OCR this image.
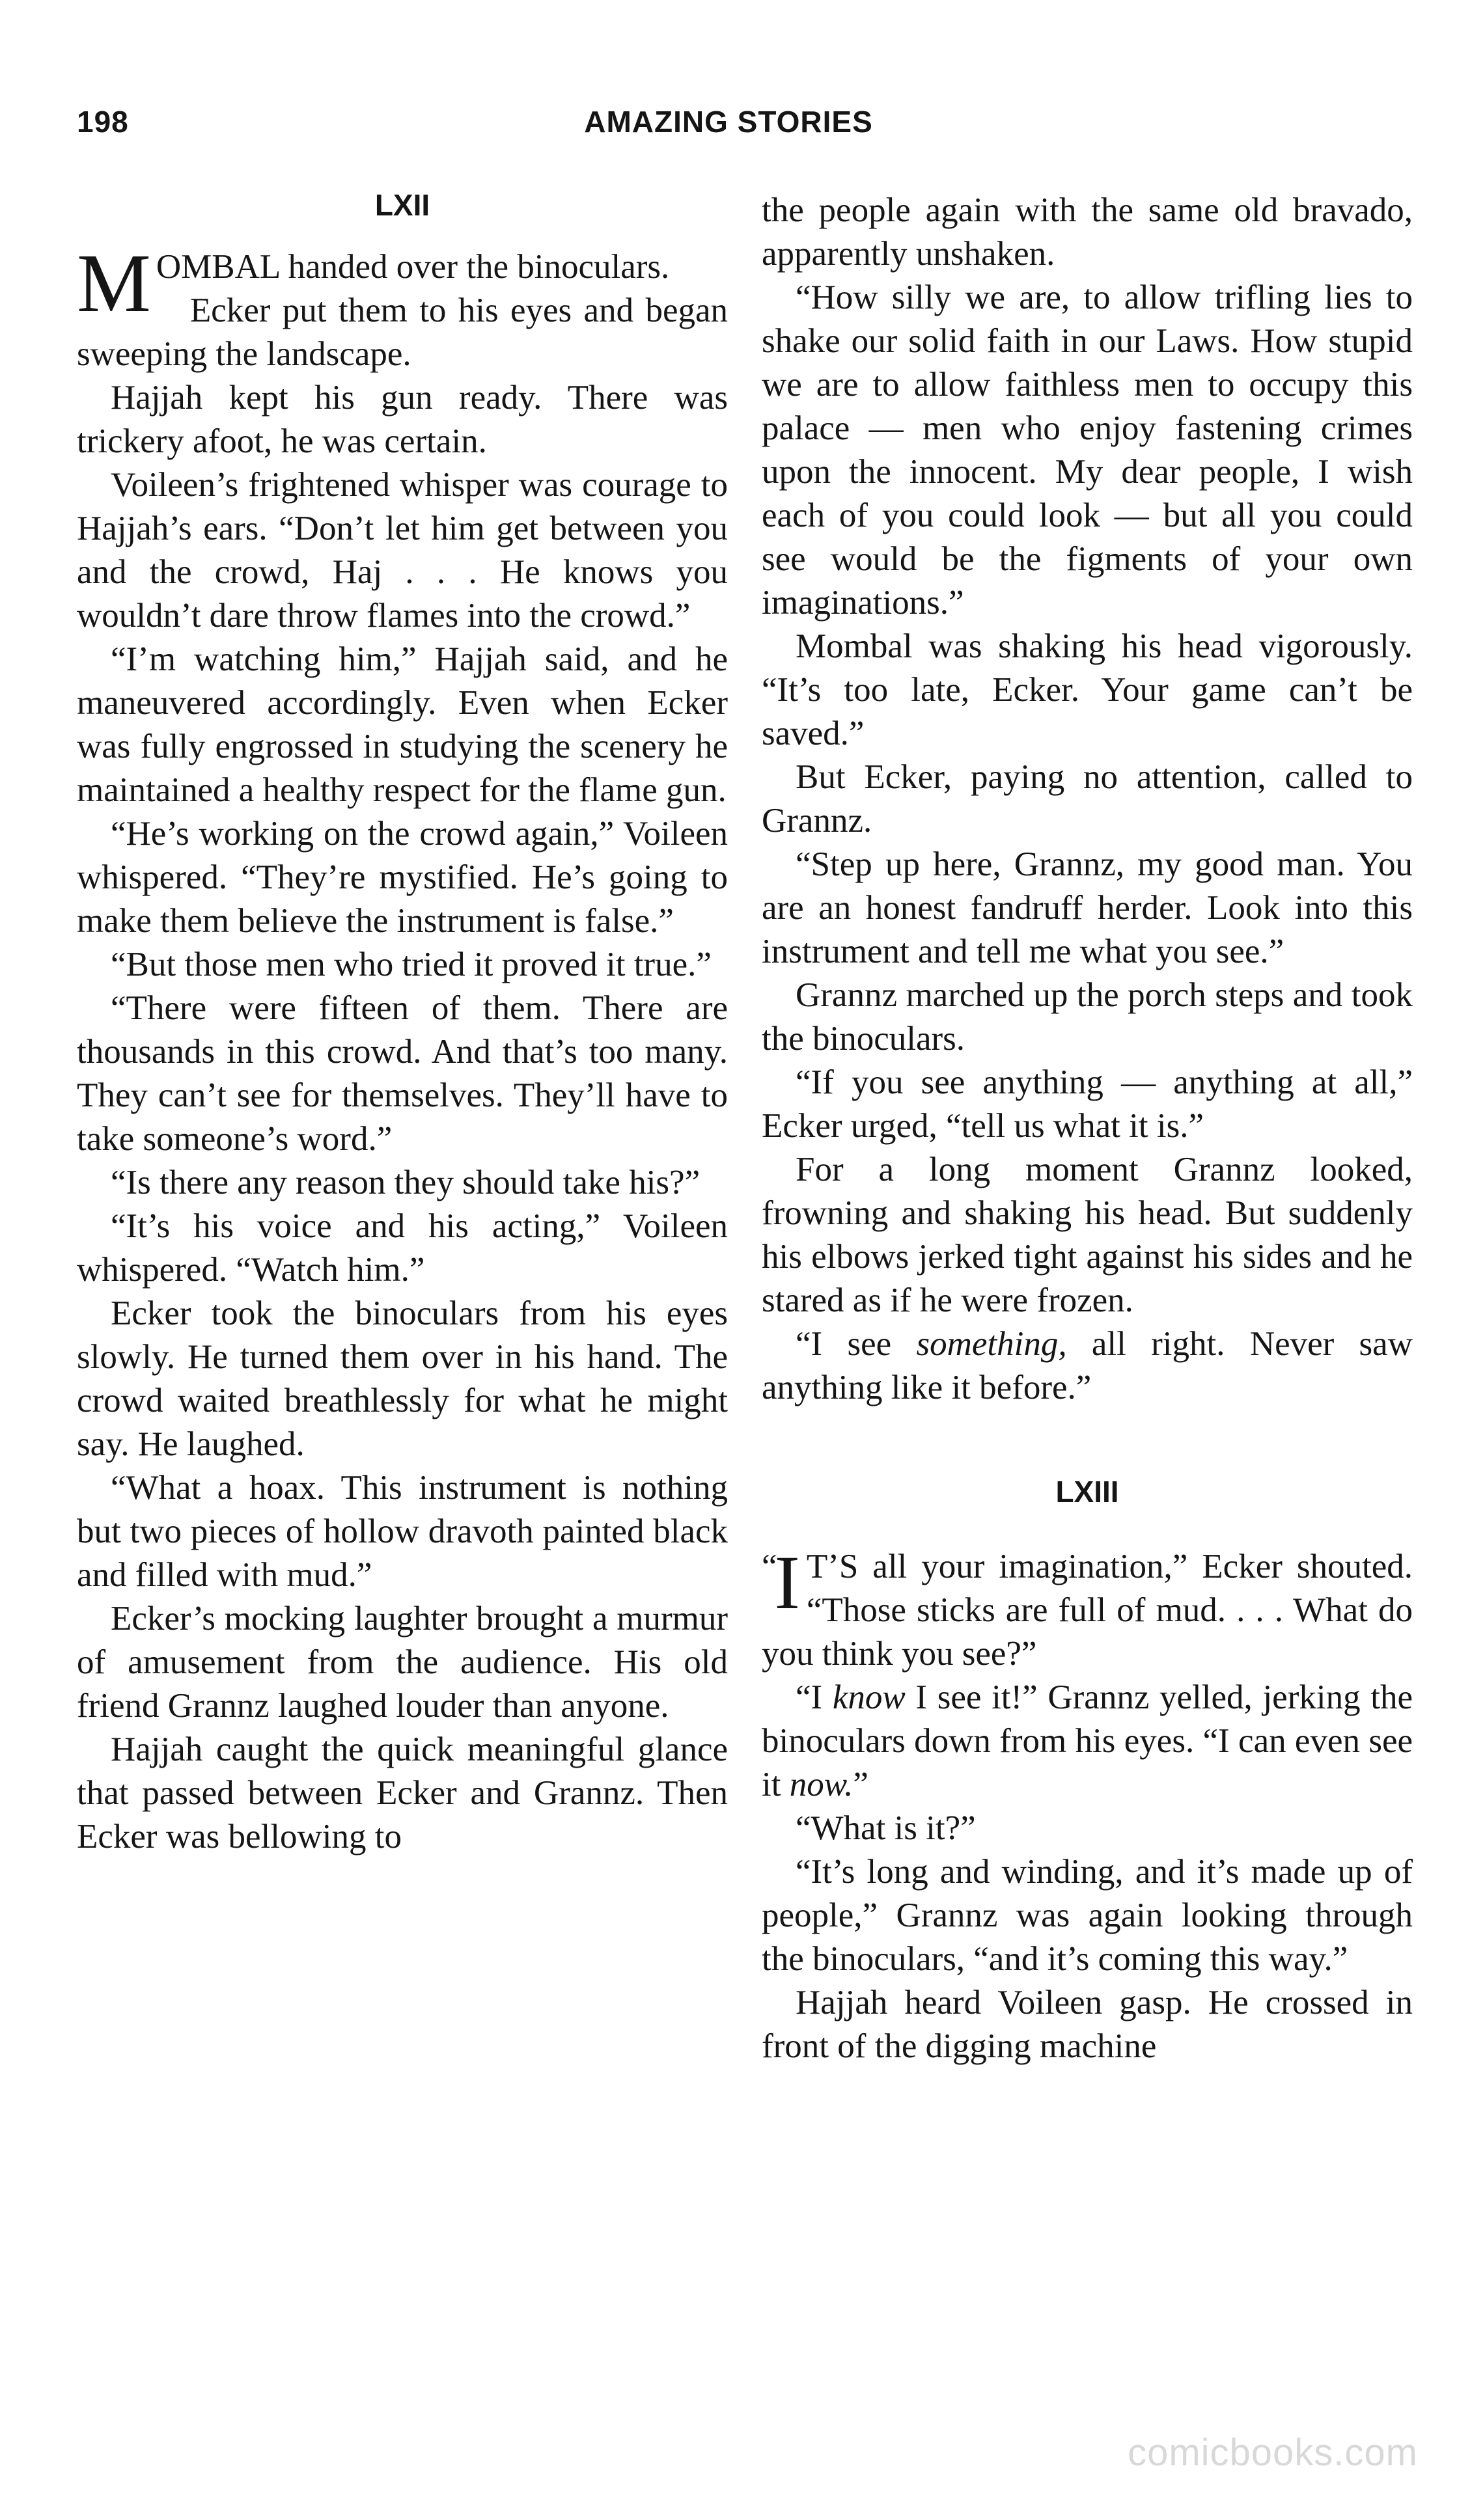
198	AMAZING STORIES
LXII

MOMBAL handed over the binoculars.

Ecker put them to his eyes and began sweeping the landscape.

Hajjah kept his gun ready. There was trickery afoot, he was certain.

Voileen’s frightened whisper was courage to Hajjah’s ears. “Don’t let him get between you and the crowd, Haj . . . He knows you wouldn’t dare throw flames into the crowd.”

“I’m watching him,” Hajjah said, and he maneuvered accordingly. Even when Ecker was fully engrossed in studying the scenery he maintained a healthy respect for the flame gun.

“He’s working on the crowd again,” Voileen whispered. “They’re mystified. He’s going to make them believe the instrument is false.”

“But those men who tried it proved it true.”

“There were fifteen of them. There are thousands in this crowd. And that’s too many. They can’t see for themselves. They’ll have to take someone’s word.”

“Is there any reason they should take his?”

“It’s his voice and his acting,” Voileen whispered. “Watch him.”

Ecker took the binoculars from his eyes slowly. He turned them over in his hand. The crowd waited breathlessly for what he might say. He laughed.

“What a hoax. This instrument is nothing but two pieces of hollow dravoth painted black and filled with mud.”

Ecker’s mocking laughter brought a murmur of amusement from the audience. His old friend Grannz laughed louder than anyone.

Hajjah caught the quick meaningful glance that passed between Ecker and Grannz. Then Ecker was bellowing to

the people again with the same old bravado, apparently unshaken.

“How silly we are, to allow trifling lies to shake our solid faith in our Laws. How stupid we are to allow faithless men to occupy this palace — men who enjoy fastening crimes upon the innocent. My dear people, I wish each of you could look — but all you could see would be the figments of your own imaginations.”

Mombal was shaking his head vigorously. “It’s too late, Ecker. Your game can’t be saved.”

But Ecker, paying no attention, called to Grannz.

“Step up here, Grannz, my good man. You are an honest fandruff herder. Look into this instrument and tell me what you see.”

Grannz marched up the porch steps and took the binoculars.

“If you see anything — anything at all,” Ecker urged, “tell us what it is.”

For a long moment Grannz looked, frowning and shaking his head. But suddenly his elbows jerked tight against his sides and he stared as if he were frozen.

“I see something, all right. Never saw anything like it before.”

LXIII

“
I T’S all your imagination,” Ecker shouted. “Those sticks are full of mud. . . . What do you think you see?”

“I know I see it!” Grannz yelled, jerking the binoculars down from his eyes. “I can even see it now.”

“What is it?”

“It’s long and winding, and it’s made up of people,” Grannz was again looking through the binoculars, “and it’s coming this way.”

Hajjah heard Voileen gasp. He crossed in front of the digging machine

comicbooks.com
